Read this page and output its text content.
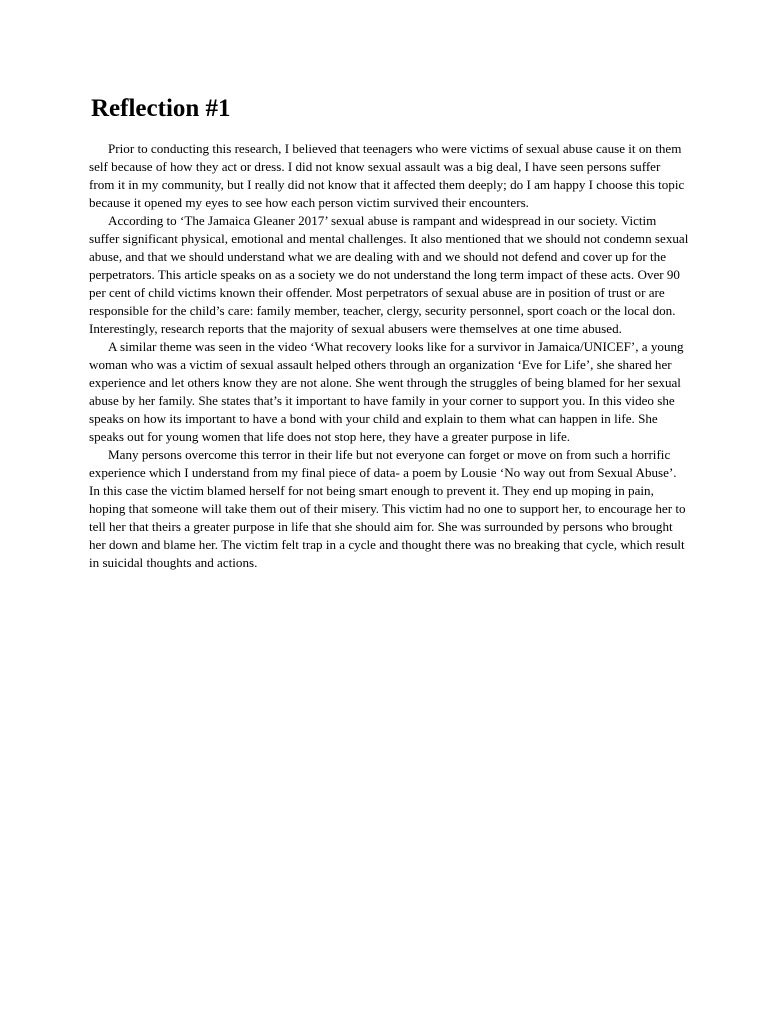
Reflection #1

Prior to conducting this research, I believed that teenagers who were victims of sexual abuse cause it on them self because of how they act or dress. I did not know sexual assault was a big deal, I have seen persons suffer from it in my community, but I really did not know that it affected them deeply; do I am happy I choose this topic because it opened my eyes to see how each person victim survived their encounters.

According to ‘The Jamaica Gleaner 2017’ sexual abuse is rampant and widespread in our society. Victim suffer significant physical, emotional and mental challenges. It also mentioned that we should not condemn sexual abuse, and that we should understand what we are dealing with and we should not defend and cover up for the perpetrators. This article speaks on as a society we do not understand the long term impact of these acts. Over 90 per cent of child victims known their offender. Most perpetrators of sexual abuse are in position of trust or are responsible for the child’s care: family member, teacher, clergy, security personnel, sport coach or the local don. Interestingly, research reports that the majority of sexual abusers were themselves at one time abused.

A similar theme was seen in the video ‘What recovery looks like for a survivor in Jamaica/UNICEF’, a young woman who was a victim of sexual assault helped others through an organization ‘Eve for Life’, she shared her experience and let others know they are not alone. She went through the struggles of being blamed for her sexual abuse by her family. She states that’s it important to have family in your corner to support you. In this video she speaks on how its important to have a bond with your child and explain to them what can happen in life. She speaks out for young women that life does not stop here, they have a greater purpose in life.

Many persons overcome this terror in their life but not everyone can forget or move on from such a horrific experience which I understand from my final piece of data- a poem by Lousie ‘No way out from Sexual Abuse’. In this case the victim blamed herself for not being smart enough to prevent it. They end up moping in pain, hoping that someone will take them out of their misery. This victim had no one to support her, to encourage her to tell her that theirs a greater purpose in life that she should aim for. She was surrounded by persons who brought her down and blame her. The victim felt trap in a cycle and thought there was no breaking that cycle, which result in suicidal thoughts and actions.
